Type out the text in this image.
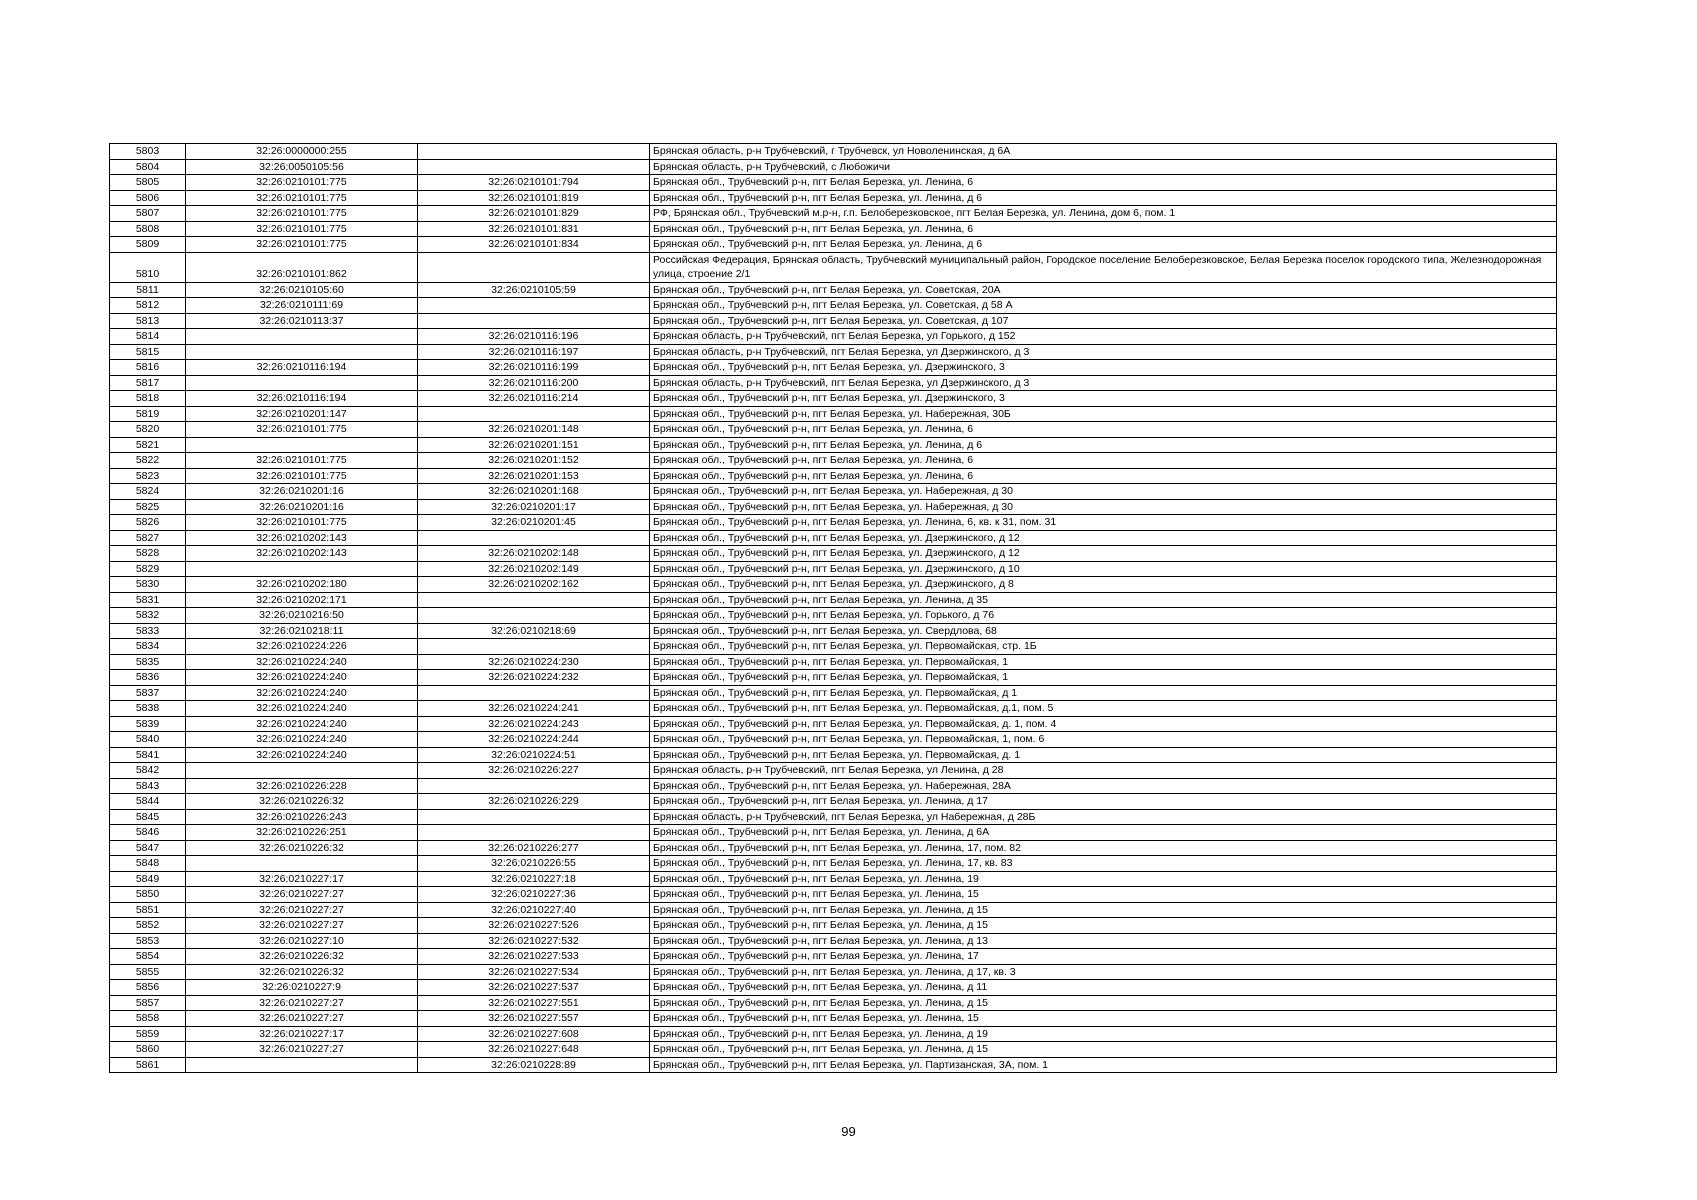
5803	32:26:0000000:255		Брянская область, р-н Трубчевский, г Трубчевск, ул Новоленинская, д 6А
5804	32:26:0050105:56		Брянская область, р-н Трубчевский, с Любожичи
5805	32:26:0210101:775	32:26:0210101:794	Брянская обл., Трубчевский р-н, пгт Белая Березка, ул. Ленина, 6
5806	32:26:0210101:775	32:26:0210101:819	Брянская обл., Трубчевский р-н, пгт Белая Березка, ул. Ленина, д 6
5807	32:26:0210101:775	32:26:0210101:829	РФ, Брянская обл., Трубчевский м.р-н, г.п. Белоберезковское, пгт Белая Березка, ул. Ленина, дом 6, пом. 1
5808	32:26:0210101:775	32:26:0210101:831	Брянская обл., Трубчевский р-н, пгт Белая Березка, ул. Ленина, 6
5809	32:26:0210101:775	32:26:0210101:834	Брянская обл., Трубчевский р-н, пгт Белая Березка, ул. Ленина, д 6
5810	32:26:0210101:862		Российская Федерация, Брянская область, Трубчевский муниципальный район, Городское поселение Белоберезковское, Белая Березка поселок городского типа, Железнодорожная улица, строение 2/1
5811	32:26:0210105:60	32:26:0210105:59	Брянская обл., Трубчевский р-н, пгт Белая Березка, ул. Советская, 20А
5812	32:26:0210111:69		Брянская обл., Трубчевский р-н, пгт Белая Березка, ул. Советская, д 58 А
5813	32:26:0210113:37		Брянская обл., Трубчевский р-н, пгт Белая Березка, ул. Советская, д 107
5814		32:26:0210116:196	Брянская область, р-н Трубчевский, пгт Белая Березка, ул Горького, д 152
5815		32:26:0210116:197	Брянская область, р-н Трубчевский, пгт Белая Березка, ул Дзержинского, д 3
5816	32:26:0210116:194	32:26:0210116:199	Брянская обл., Трубчевский р-н, пгт Белая Березка, ул. Дзержинского, 3
5817		32:26:0210116:200	Брянская область, р-н Трубчевский, пгт Белая Березка, ул Дзержинского, д 3
5818	32:26:0210116:194	32:26:0210116:214	Брянская обл., Трубчевский р-н, пгт Белая Березка, ул. Дзержинского, 3
5819	32:26:0210201:147		Брянская обл., Трубчевский р-н, пгт Белая Березка, ул. Набережная, 30Б
5820	32:26:0210101:775	32:26:0210201:148	Брянская обл., Трубчевский р-н, пгт Белая Березка, ул. Ленина, 6
5821		32:26:0210201:151	Брянская обл., Трубчевский р-н, пгт Белая Березка, ул. Ленина, д 6
5822	32:26:0210101:775	32:26:0210201:152	Брянская обл., Трубчевский р-н, пгт Белая Березка, ул. Ленина, 6
5823	32:26:0210101:775	32:26:0210201:153	Брянская обл., Трубчевский р-н, пгт Белая Березка, ул. Ленина, 6
5824	32:26:0210201:16	32:26:0210201:168	Брянская обл., Трубчевский р-н, пгт Белая Березка, ул. Набережная, д 30
5825	32:26:0210201:16	32:26:0210201:17	Брянская обл., Трубчевский р-н, пгт Белая Березка, ул. Набережная, д 30
5826	32:26:0210101:775	32:26:0210201:45	Брянская обл., Трубчевский р-н, пгт Белая Березка, ул. Ленина, 6, кв. к 31, пом. 31
5827	32:26:0210202:143		Брянская обл., Трубчевский р-н, пгт Белая Березка, ул. Дзержинского, д 12
5828	32:26:0210202:143	32:26:0210202:148	Брянская обл., Трубчевский р-н, пгт Белая Березка, ул. Дзержинского, д 12
5829		32:26:0210202:149	Брянская обл., Трубчевский р-н, пгт Белая Березка, ул. Дзержинского, д 10
5830	32:26:0210202:180	32:26:0210202:162	Брянская обл., Трубчевский р-н, пгт Белая Березка, ул. Дзержинского, д 8
5831	32:26:0210202:171		Брянская обл., Трубчевский р-н, пгт Белая Березка, ул. Ленина, д 35
5832	32:26:0210216:50		Брянская обл., Трубчевский р-н, пгт Белая Березка, ул. Горького, д 76
5833	32:26:0210218:11	32:26:0210218:69	Брянская обл., Трубчевский р-н, пгт Белая Березка, ул. Свердлова, 68
5834	32:26:0210224:226		Брянская обл., Трубчевский р-н, пгт Белая Березка, ул. Первомайская, стр. 1Б
5835	32:26:0210224:240	32:26:0210224:230	Брянская обл., Трубчевский р-н, пгт Белая Березка, ул. Первомайская, 1
5836	32:26:0210224:240	32:26:0210224:232	Брянская обл., Трубчевский р-н, пгт Белая Березка, ул. Первомайская, 1
5837	32:26:0210224:240		Брянская обл., Трубчевский р-н, пгт Белая Березка, ул. Первомайская, д 1
5838	32:26:0210224:240	32:26:0210224:241	Брянская обл., Трубчевский р-н, пгт Белая Березка, ул. Первомайская, д.1, пом. 5
5839	32:26:0210224:240	32:26:0210224:243	Брянская обл., Трубчевский р-н, пгт Белая Березка, ул. Первомайская, д. 1, пом. 4
5840	32:26:0210224:240	32:26:0210224:244	Брянская обл., Трубчевский р-н, пгт Белая Березка, ул. Первомайская, 1, пом. 6
5841	32:26:0210224:240	32:26:0210224:51	Брянская обл., Трубчевский р-н, пгт Белая Березка, ул. Первомайская, д. 1
5842		32:26:0210226:227	Брянская область, р-н Трубчевский, пгт Белая Березка, ул Ленина, д 28
5843	32:26:0210226:228		Брянская обл., Трубчевский р-н, пгт Белая Березка, ул. Набережная, 28А
5844	32:26:0210226:32	32:26:0210226:229	Брянская обл., Трубчевский р-н, пгт Белая Березка, ул. Ленина, д 17
5845	32:26:0210226:243		Брянская область, р-н Трубчевский, пгт Белая Березка, ул Набережная, д 28Б
5846	32:26:0210226:251		Брянская обл., Трубчевский р-н, пгт Белая Березка, ул. Ленина, д 6А
5847	32:26:0210226:32	32:26:0210226:277	Брянская обл., Трубчевский р-н, пгт Белая Березка, ул. Ленина, 17, пом. 82
5848		32:26:0210226:55	Брянская обл., Трубчевский р-н, пгт Белая Березка, ул. Ленина, 17, кв. 83
5849	32:26:0210227:17	32:26:0210227:18	Брянская обл., Трубчевский р-н, пгт Белая Березка, ул. Ленина, 19
5850	32:26:0210227:27	32:26:0210227:36	Брянская обл., Трубчевский р-н, пгт Белая Березка, ул. Ленина, 15
5851	32:26:0210227:27	32:26:0210227:40	Брянская обл., Трубчевский р-н, пгт Белая Березка, ул. Ленина, д 15
5852	32:26:0210227:27	32:26:0210227:526	Брянская обл., Трубчевский р-н, пгт Белая Березка, ул. Ленина, д 15
5853	32:26:0210227:10	32:26:0210227:532	Брянская обл., Трубчевский р-н, пгт Белая Березка, ул. Ленина, д 13
5854	32:26:0210226:32	32:26:0210227:533	Брянская обл., Трубчевский р-н, пгт Белая Березка, ул. Ленина, 17
5855	32:26:0210226:32	32:26:0210227:534	Брянская обл., Трубчевский р-н, пгт Белая Березка, ул. Ленина, д 17, кв. 3
5856	32:26:0210227:9	32:26:0210227:537	Брянская обл., Трубчевский р-н, пгт Белая Березка, ул. Ленина, д 11
5857	32:26:0210227:27	32:26:0210227:551	Брянская обл., Трубчевский р-н, пгт Белая Березка, ул. Ленина, д 15
5858	32:26:0210227:27	32:26:0210227:557	Брянская обл., Трубчевский р-н, пгт Белая Березка, ул. Ленина, 15
5859	32:26:0210227:17	32:26:0210227:608	Брянская обл., Трубчевский р-н, пгт Белая Березка, ул. Ленина, д 19
5860	32:26:0210227:27	32:26:0210227:648	Брянская обл., Трубчевский р-н, пгт Белая Березка, ул. Ленина, д 15
5861		32:26:0210228:89	Брянская обл., Трубчевский р-н, пгт Белая Березка, ул. Партизанская, 3А, пом. 1
99
